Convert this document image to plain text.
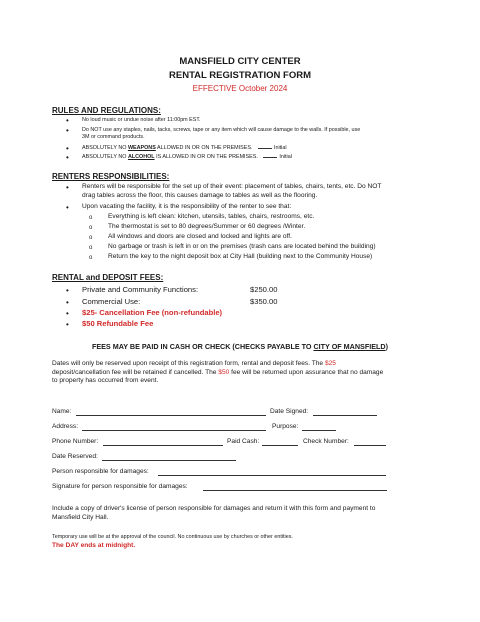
MANSFIELD CITY CENTER
RENTAL REGISTRATION FORM
EFFECTIVE October 2024
RULES AND REGULATIONS:
• No loud music or undue noise after 11:00pm EST.
• Do NOT use any staples, nails, tacks, screws, tape or any item which will cause damage to the walls. If possible, use
3M or command products.
• ABSOLUTELY NO WEAPONS ALLOWED IN OR ON THE PREMISES.	Initial
• ABSOLUTELY NO ALCOHOL IS ALLOWED IN OR ON THE PREMISES.	Initial
RENTERS RESPONSIBILITIES:
• Renters will be responsible for the set up of their event: placement of tables, chairs, tents, etc. Do NOT
drag tables across the floor, this causes damage to tables as well as the flooring.
• Upon vacating the facility, it is the responsibility of the renter to see that:
o Everything is left clean: kitchen, utensils, tables, chairs, restrooms, etc.
o The thermostat is set to 80 degrees/Summer or 60 degrees /Winter.
o All windows and doors are closed and locked and lights are off.
o No garbage or trash is left in or on the premises (trash cans are located behind the building)
o Return the key to the night deposit box at City Hall (building next to the Community House)
RENTAL and DEPOSIT FEES:
• Private and Community Functions:	$250.00
• Commercial Use:	$350.00
• $25- Cancellation Fee (non-refundable)
• $50 Refundable Fee
FEES MAY BE PAID IN CASH OR CHECK (CHECKS PAYABLE TO CITY OF MANSFIELD)
Dates will only be reserved upon receipt of this registration form, rental and deposit fees. The $25
deposit/cancellation fee will be retained if cancelled. The $50 fee will be returned upon assurance that no damage
to property has occurred from event.
Name:	Date Signed:
Address:	Purpose:
Phone Number:	Paid Cash:	Check Number:
Date Reserved:
Person responsible for damages:
Signature for person responsible for damages:
Include a copy of driver's license of person responsible for damages and return it with this form and payment to
Mansfield City Hall.
Temporary use will be at the approval of the council. No continuous use by churches or other entities.
The DAY ends at midnight.
